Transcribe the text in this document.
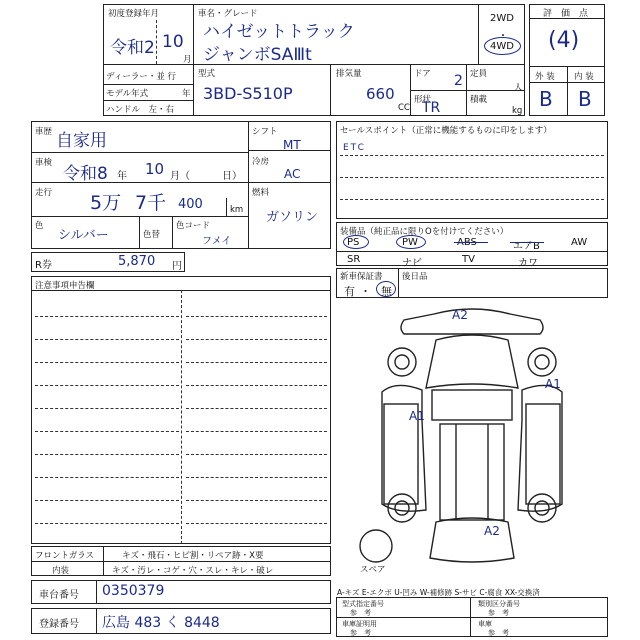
初度登録年月
令和2 10
月
車名・グレード
ハイゼットトラック
ジャンボSAⅢt
2WD
・
4WD
ディーラー・並 行
モデル年式	年
ハンドル　左・右
型式
3BD-S510P
排気量
660
CC
ドア 2
形状
TR
定員
人
積載
kg
評　価　点
(4)
外 装 内 装
B B
車歴 自家用
車検
令和8 年 10 月（	日）
走行 5万 7千 400	km
色
シルバー	色替
色コード
フメイ
シフト
MT
冷房
AC
燃料
ガソリン
R券	5,870 円
注意事項申告欄
セールスポイント（正常に機能するものに印をします）
ETC
装備品（純正品に限りOを付けてください）
PS	PW	ABS	エアB	AW
SR	ナビ	TV	カワ
新車保証書
有 ・ 無
後日品
A2
A1
A1
A2
スペア
A-キズ E-エクボ U-凹み W-補修跡 S-サビ C-腐食 XX-交換済
型式指定番号
参　考
類別区分番号
参　考
車庫証明用
参　考
車庫
参　考
フロントガラス	キズ・飛石・ヒビ割・リペア跡・X要
内装	キズ・汚レ・コゲ・穴・スレ・キレ・破レ
車台番号 0350379
登録番号 広島 483 く 8448
